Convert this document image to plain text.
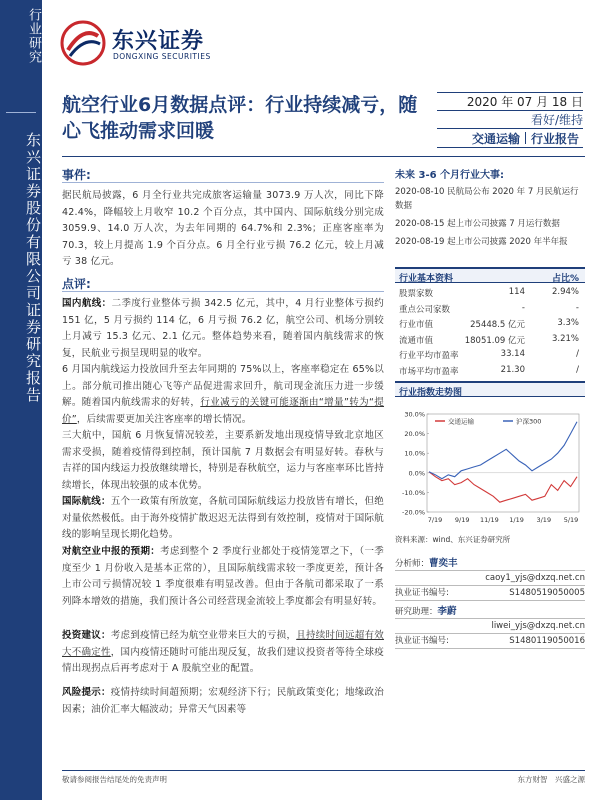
行业研究
东兴证券股份有限公司证券研究报告
东兴证券
DONGXING SECURITIES
航空行业6月数据点评：行业持续减亏，随心飞推动需求回暖
2020 年 07 月 18 日
看好/维持
交通运输 行业报告
事件:
据民航局披露，6 月全行业共完成旅客运输量 3073.9 万人次，同比下降 42.4%，降幅较上月收窄 10.2 个百分点，其中国内、国际航线分别完成 3059.9、14.0 万人次，为去年同期的 64.7%和 2.3%；正座客座率为 70.3，较上月提高 1.9 个百分点。6 月全行业亏损 76.2 亿元，较上月减亏 38 亿元。
点评:
国内航线：二季度行业整体亏损 342.5 亿元，其中，4 月行业整体亏损约 151 亿，5 月亏损约 114 亿，6 月亏损 76.2 亿，航空公司、机场分别较上月减亏 15.3 亿元、2.1 亿元。整体趋势来看，随着国内航线需求的恢复，民航业亏损呈现明显的收窄。
6 月国内航线运力投放回升至去年同期的 75%以上，客座率稳定在 65%以上。部分航司推出随心飞等产品促进需求回升，航司现金流压力进一步缓解。随着国内航线需求的好转，行业减亏的关键可能逐渐由“增量”转为“提价”，后续需要更加关注客座率的增长情况。
三大航中，国航 6 月恢复情况较差，主要系新发地出现疫情导致北京地区需求受损，随着疫情得到控制，预计国航 7 月数据会有明显好转。春秋与吉祥的国内线运力投放继续增长，特别是春秋航空，运力与客座率环比皆持续增长，体现出较强的成本优势。
国际航线：五个一政策有所放宽，各航司国际航线运力投放皆有增长，但绝对量依然极低。由于海外疫情扩散迟迟无法得到有效控制，疫情对于国际航线的影响呈现长期化趋势。
对航空业中报的预期：考虑到整个 2 季度行业都处于疫情笼罩之下，（一季度至少 1 月份收入是基本正常的），且国际航线需求较一季度更差，预计各上市公司亏损情况较 1 季度很难有明显改善。但由于各航司都采取了一系列降本增效的措施，我们预计各公司经营现金流较上季度都会有明显好转。
投资建议：考虑到疫情已经为航空业带来巨大的亏损，且持续时间远超有效大不确定性，国内疫情还随时可能出现反复，故我们建议投资者等待全球疫情出现拐点后再考虑对于 A 股航空业的配置。
风险提示：疫情持续时间超预期；宏观经济下行；民航政策变化；地缘政治因素；油价汇率大幅波动；异常天气因素等
未来 3-6 个月行业大事:
2020-08-10 民航局公布 2020 年 7 月民航运行数据
2020-08-15 起上市公司披露 7 月运行数据
2020-08-19 起上市公司披露 2020 年半年报
行业基本资料	占比%
股票家数	114	2.94%
重点公司家数	-	-
行业市值	25448.5 亿元	3.3%
流通市值	18051.09 亿元	3.21%
行业平均市盈率	33.14	/
市场平均市盈率	21.30	/
行业指数走势图
30.0%
20.0%
10.0%
0.0%
-10.0%
-20.0%
7/19 9/19 11/19 1/19 3/19 5/19
交通运输	沪深300
资料来源：wind、东兴证券研究所
分析师：曹奕丰
caoy1_yjs@dxzq.net.cn
执业证书编号:	S1480519050005
研究助理：李蔚
liwei_yjs@dxzq.net.cn
执业证书编号:	S1480119050016
敬请参阅报告结尾处的免责声明	东方财智　兴盛之源
